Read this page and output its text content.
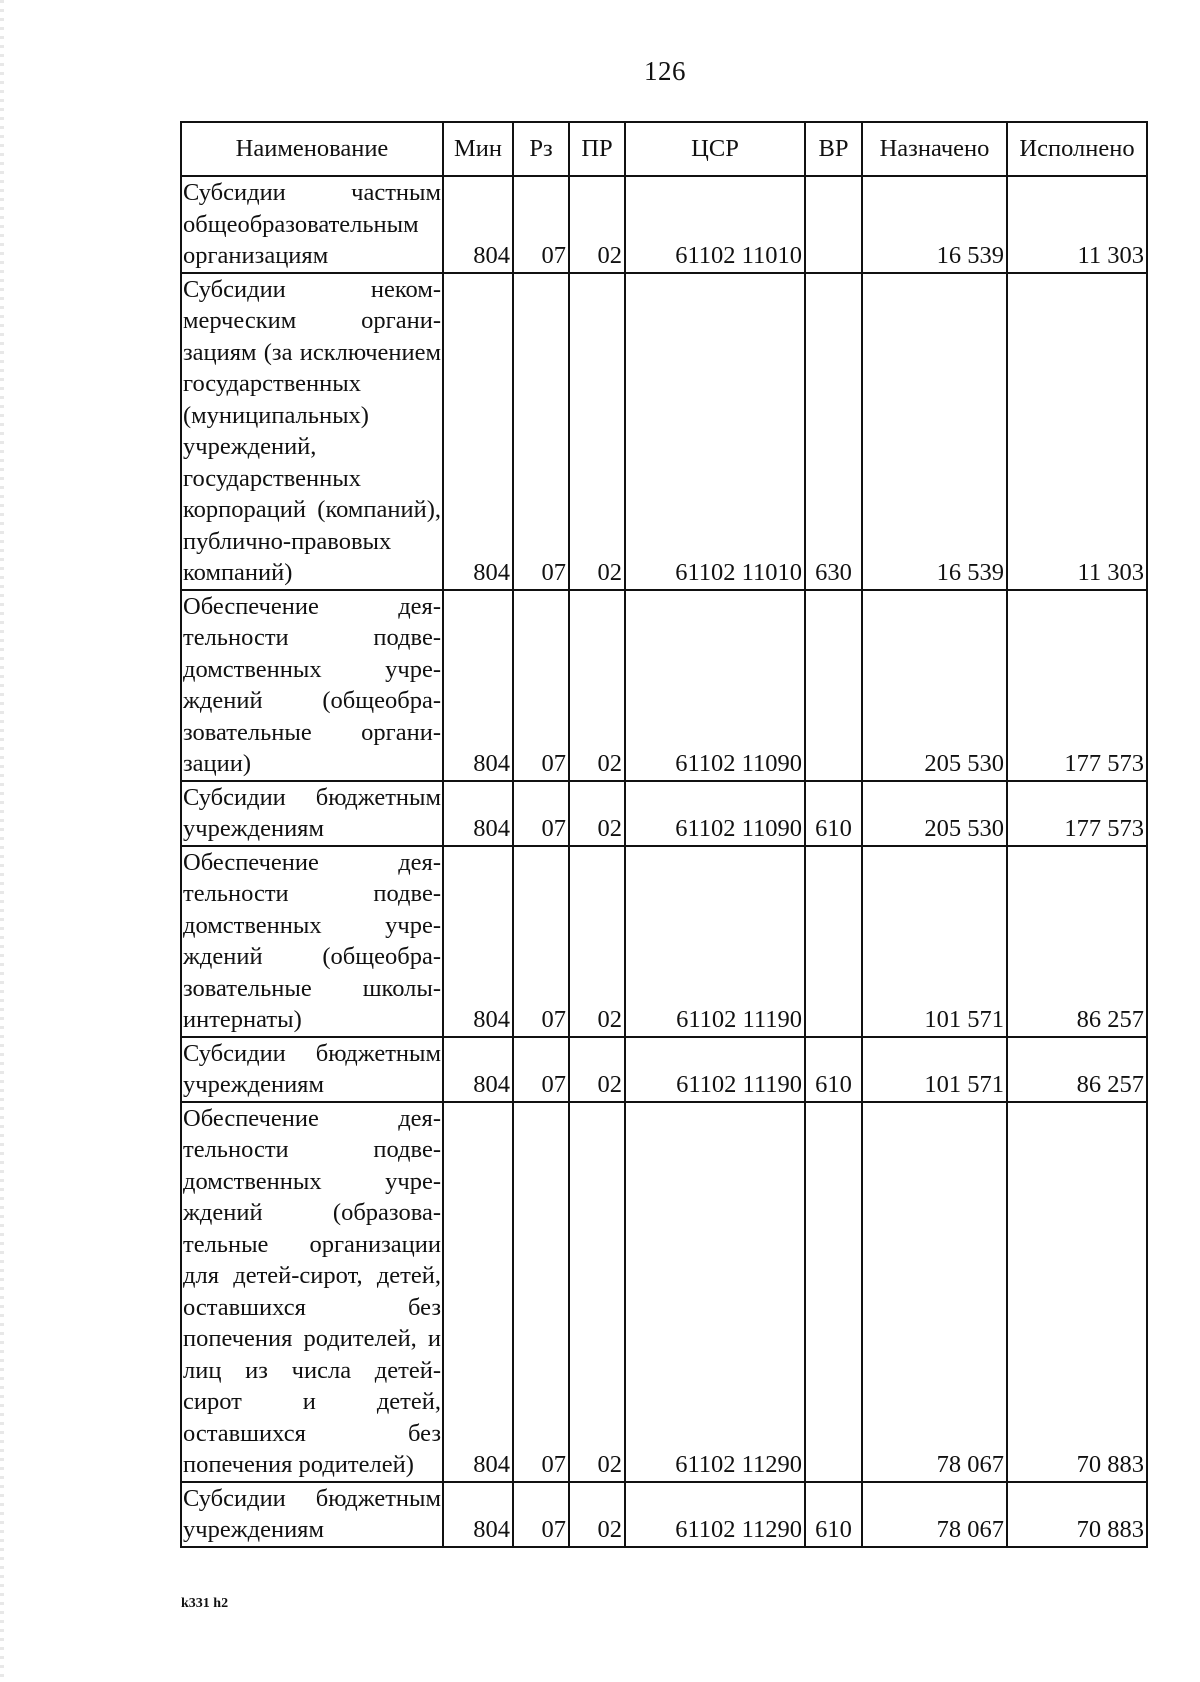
126
Наименование	Мин	Рз	ПР	ЦСР	ВР	Назначено	Исполнено
Субсидии частным общеобразовательным организациям	804	07	02	61102 11010		16 539	11 303
Субсидии некоммерческим организациям (за исключением государственных (муниципальных) учреждений, государственных корпораций (компаний), публично-правовых компаний)	804	07	02	61102 11010	630	16 539	11 303
Обеспечение деятельности подведомственных учреждений (общеобразовательные организации)	804	07	02	61102 11090		205 530	177 573
Субсидии бюджетным учреждениям	804	07	02	61102 11090	610	205 530	177 573
Обеспечение деятельности подведомственных учреждений (общеобразовательные школы-интернаты)	804	07	02	61102 11190		101 571	86 257
Субсидии бюджетным учреждениям	804	07	02	61102 11190	610	101 571	86 257
Обеспечение деятельности подведомственных учреждений (образовательные организации для детей-сирот, детей, оставшихся без попечения родителей, и лиц из числа детей-сирот и детей, оставшихся без попечения родителей)	804	07	02	61102 11290		78 067	70 883
Субсидии бюджетным учреждениям	804	07	02	61102 11290	610	78 067	70 883
k331 h2
